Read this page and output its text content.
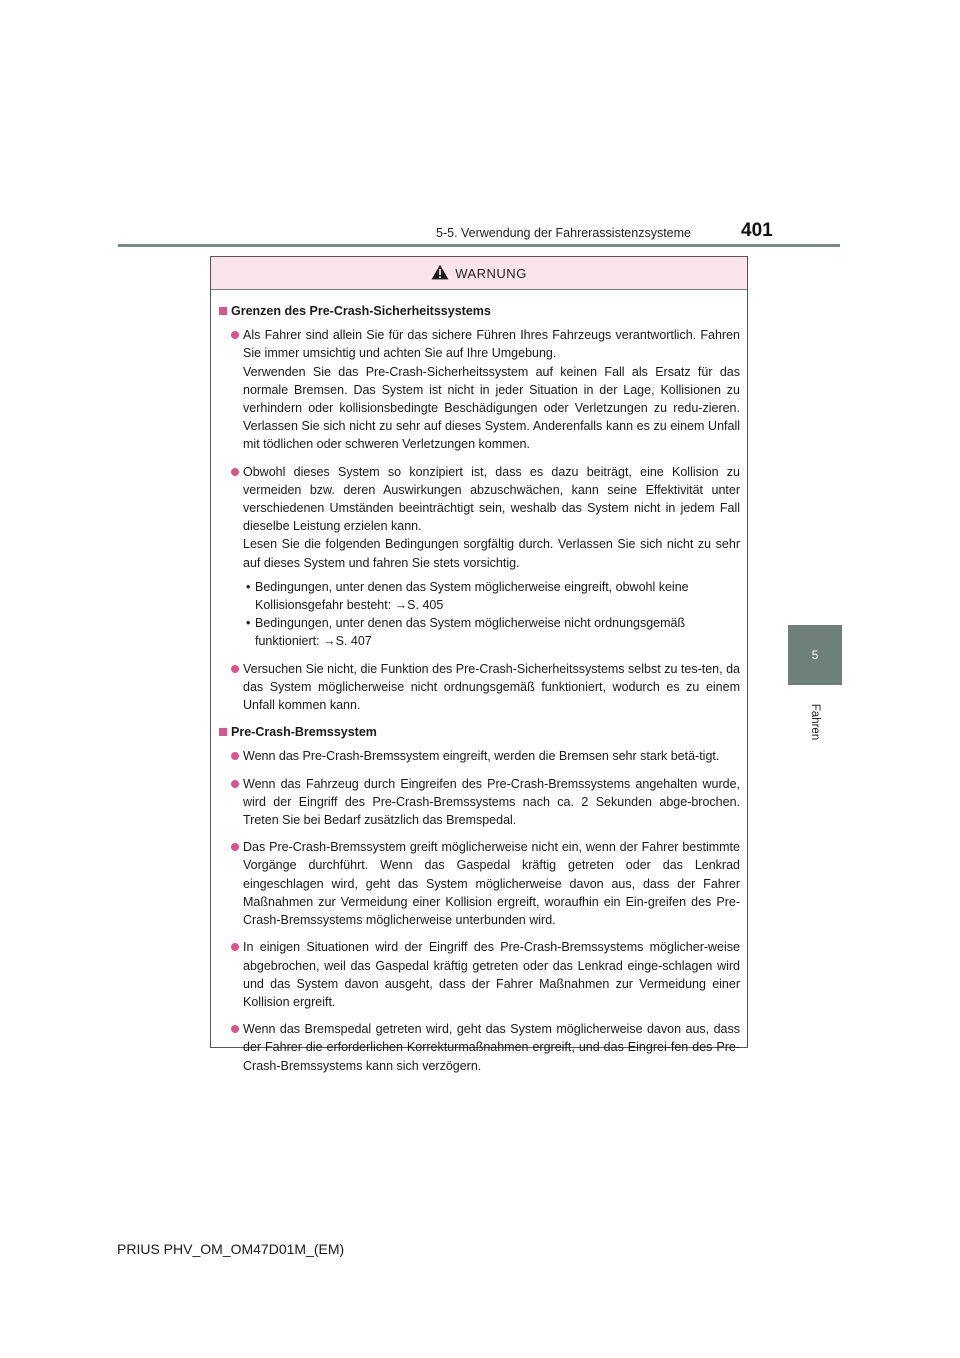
5-5. Verwendung der Fahrerassistenzsysteme	401
5
Fahren
WARNUNG
Grenzen des Pre-Crash-Sicherheitssystems

Als Fahrer sind allein Sie für das sichere Führen Ihres Fahrzeugs verantwortlich. Fahren Sie immer umsichtig und achten Sie auf Ihre Umgebung.

Verwenden Sie das Pre-Crash-Sicherheitssystem auf keinen Fall als Ersatz für das normale Bremsen. Das System ist nicht in jeder Situation in der Lage, Kollisionen zu verhindern oder kollisionsbedingte Beschädigungen oder Verletzungen zu redu-zieren. Verlassen Sie sich nicht zu sehr auf dieses System. Anderenfalls kann es zu einem Unfall mit tödlichen oder schweren Verletzungen kommen.

Obwohl dieses System so konzipiert ist, dass es dazu beiträgt, eine Kollision zu vermeiden bzw. deren Auswirkungen abzuschwächen, kann seine Effektivität unter verschiedenen Umständen beeinträchtigt sein, weshalb das System nicht in jedem Fall dieselbe Leistung erzielen kann.

Lesen Sie die folgenden Bedingungen sorgfältig durch. Verlassen Sie sich nicht zu sehr auf dieses System und fahren Sie stets vorsichtig.

• Bedingungen, unter denen das System möglicherweise eingreift, obwohl keine Kollisionsgefahr besteht: →S. 405
• Bedingungen, unter denen das System möglicherweise nicht ordnungsgemäß funktioniert: →S. 407

Versuchen Sie nicht, die Funktion des Pre-Crash-Sicherheitssystems selbst zu tes-ten, da das System möglicherweise nicht ordnungsgemäß funktioniert, wodurch es zu einem Unfall kommen kann.

Pre-Crash-Bremssystem

Wenn das Pre-Crash-Bremssystem eingreift, werden die Bremsen sehr stark betä-tigt.

Wenn das Fahrzeug durch Eingreifen des Pre-Crash-Bremssystems angehalten wurde, wird der Eingriff des Pre-Crash-Bremssystems nach ca. 2 Sekunden abge-brochen. Treten Sie bei Bedarf zusätzlich das Bremspedal.

Das Pre-Crash-Bremssystem greift möglicherweise nicht ein, wenn der Fahrer bestimmte Vorgänge durchführt. Wenn das Gaspedal kräftig getreten oder das Lenkrad eingeschlagen wird, geht das System möglicherweise davon aus, dass der Fahrer Maßnahmen zur Vermeidung einer Kollision ergreift, woraufhin ein Ein-greifen des Pre-Crash-Bremssystems möglicherweise unterbunden wird.

In einigen Situationen wird der Eingriff des Pre-Crash-Bremssystems möglicher-weise abgebrochen, weil das Gaspedal kräftig getreten oder das Lenkrad einge-schlagen wird und das System davon ausgeht, dass der Fahrer Maßnahmen zur Vermeidung einer Kollision ergreift.

Wenn das Bremspedal getreten wird, geht das System möglicherweise davon aus, dass der Fahrer die erforderlichen Korrekturmaßnahmen ergreift, und das Eingrei-fen des Pre-Crash-Bremssystems kann sich verzögern.

PRIUS PHV_OM_OM47D01M_(EM)
